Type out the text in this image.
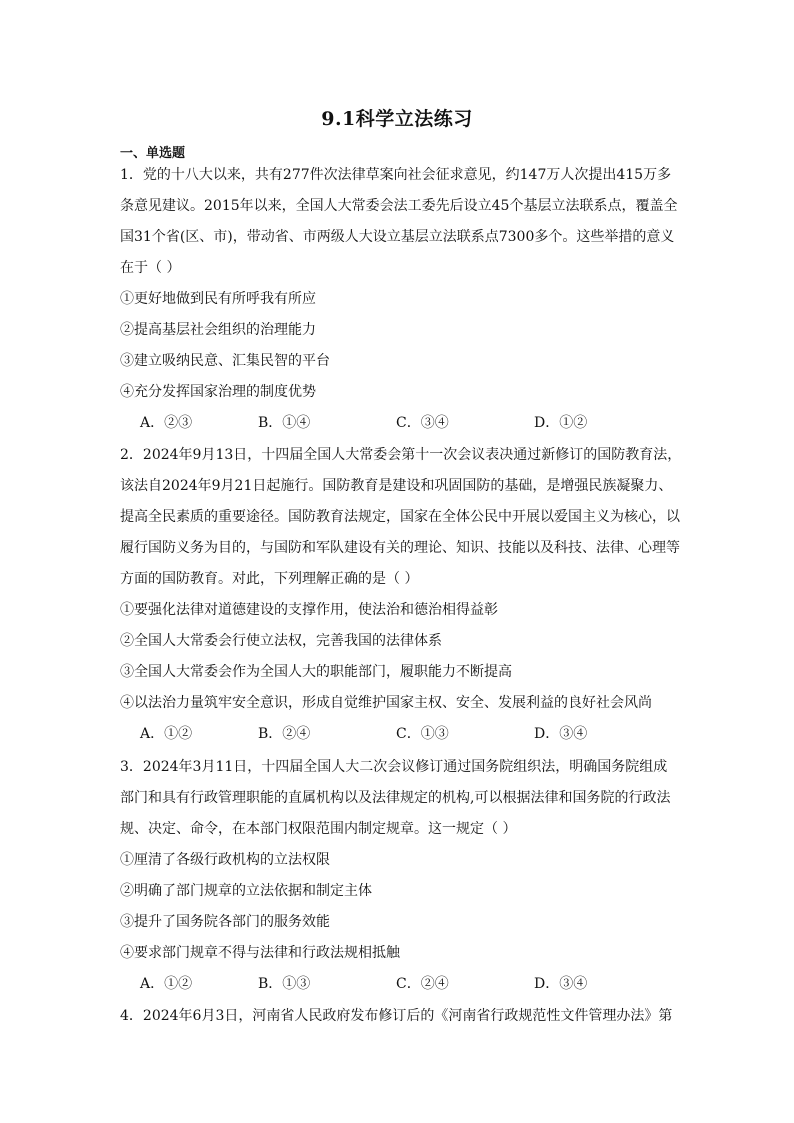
9.1科学立法练习
一、单选题
1．党的十八大以来，共有277件次法律草案向社会征求意见，约147万人次提出415万多
条意见建议。2015年以来，全国人大常委会法工委先后设立45个基层立法联系点，覆盖全
国31个省(区、市)，带动省、市两级人大设立基层立法联系点7300多个。这些举措的意义
在于（ ）
①更好地做到民有所呼我有所应
②提高基层社会组织的治理能力
③建立吸纳民意、汇集民智的平台
④充分发挥国家治理的制度优势
A．②③	B．①④	C．③④	D．①②
2．2024年9月13日，十四届全国人大常委会第十一次会议表决通过新修订的国防教育法，
该法自2024年9月21日起施行。国防教育是建设和巩固国防的基础，是增强民族凝聚力、
提高全民素质的重要途径。国防教育法规定，国家在全体公民中开展以爱国主义为核心，以
履行国防义务为目的，与国防和军队建设有关的理论、知识、技能以及科技、法律、心理等
方面的国防教育。对此，下列理解正确的是（ ）
①要强化法律对道德建设的支撑作用，使法治和德治相得益彰
②全国人大常委会行使立法权，完善我国的法律体系
③全国人大常委会作为全国人大的职能部门，履职能力不断提高
④以法治力量筑牢安全意识，形成自觉维护国家主权、安全、发展利益的良好社会风尚
A．①②	B．②④	C．①③	D．③④
3．2024年3月11日，十四届全国人大二次会议修订通过国务院组织法，明确国务院组成
部门和具有行政管理职能的直属机构以及法律规定的机构,可以根据法律和国务院的行政法
规、决定、命令，在本部门权限范围内制定规章。这一规定（ ）
①厘清了各级行政机构的立法权限
②明确了部门规章的立法依据和制定主体
③提升了国务院各部门的服务效能
④要求部门规章不得与法律和行政法规相抵触
A．①②	B．①③	C．②④	D．③④
4．2024年6月3日，河南省人民政府发布修订后的《河南省行政规范性文件管理办法》第
